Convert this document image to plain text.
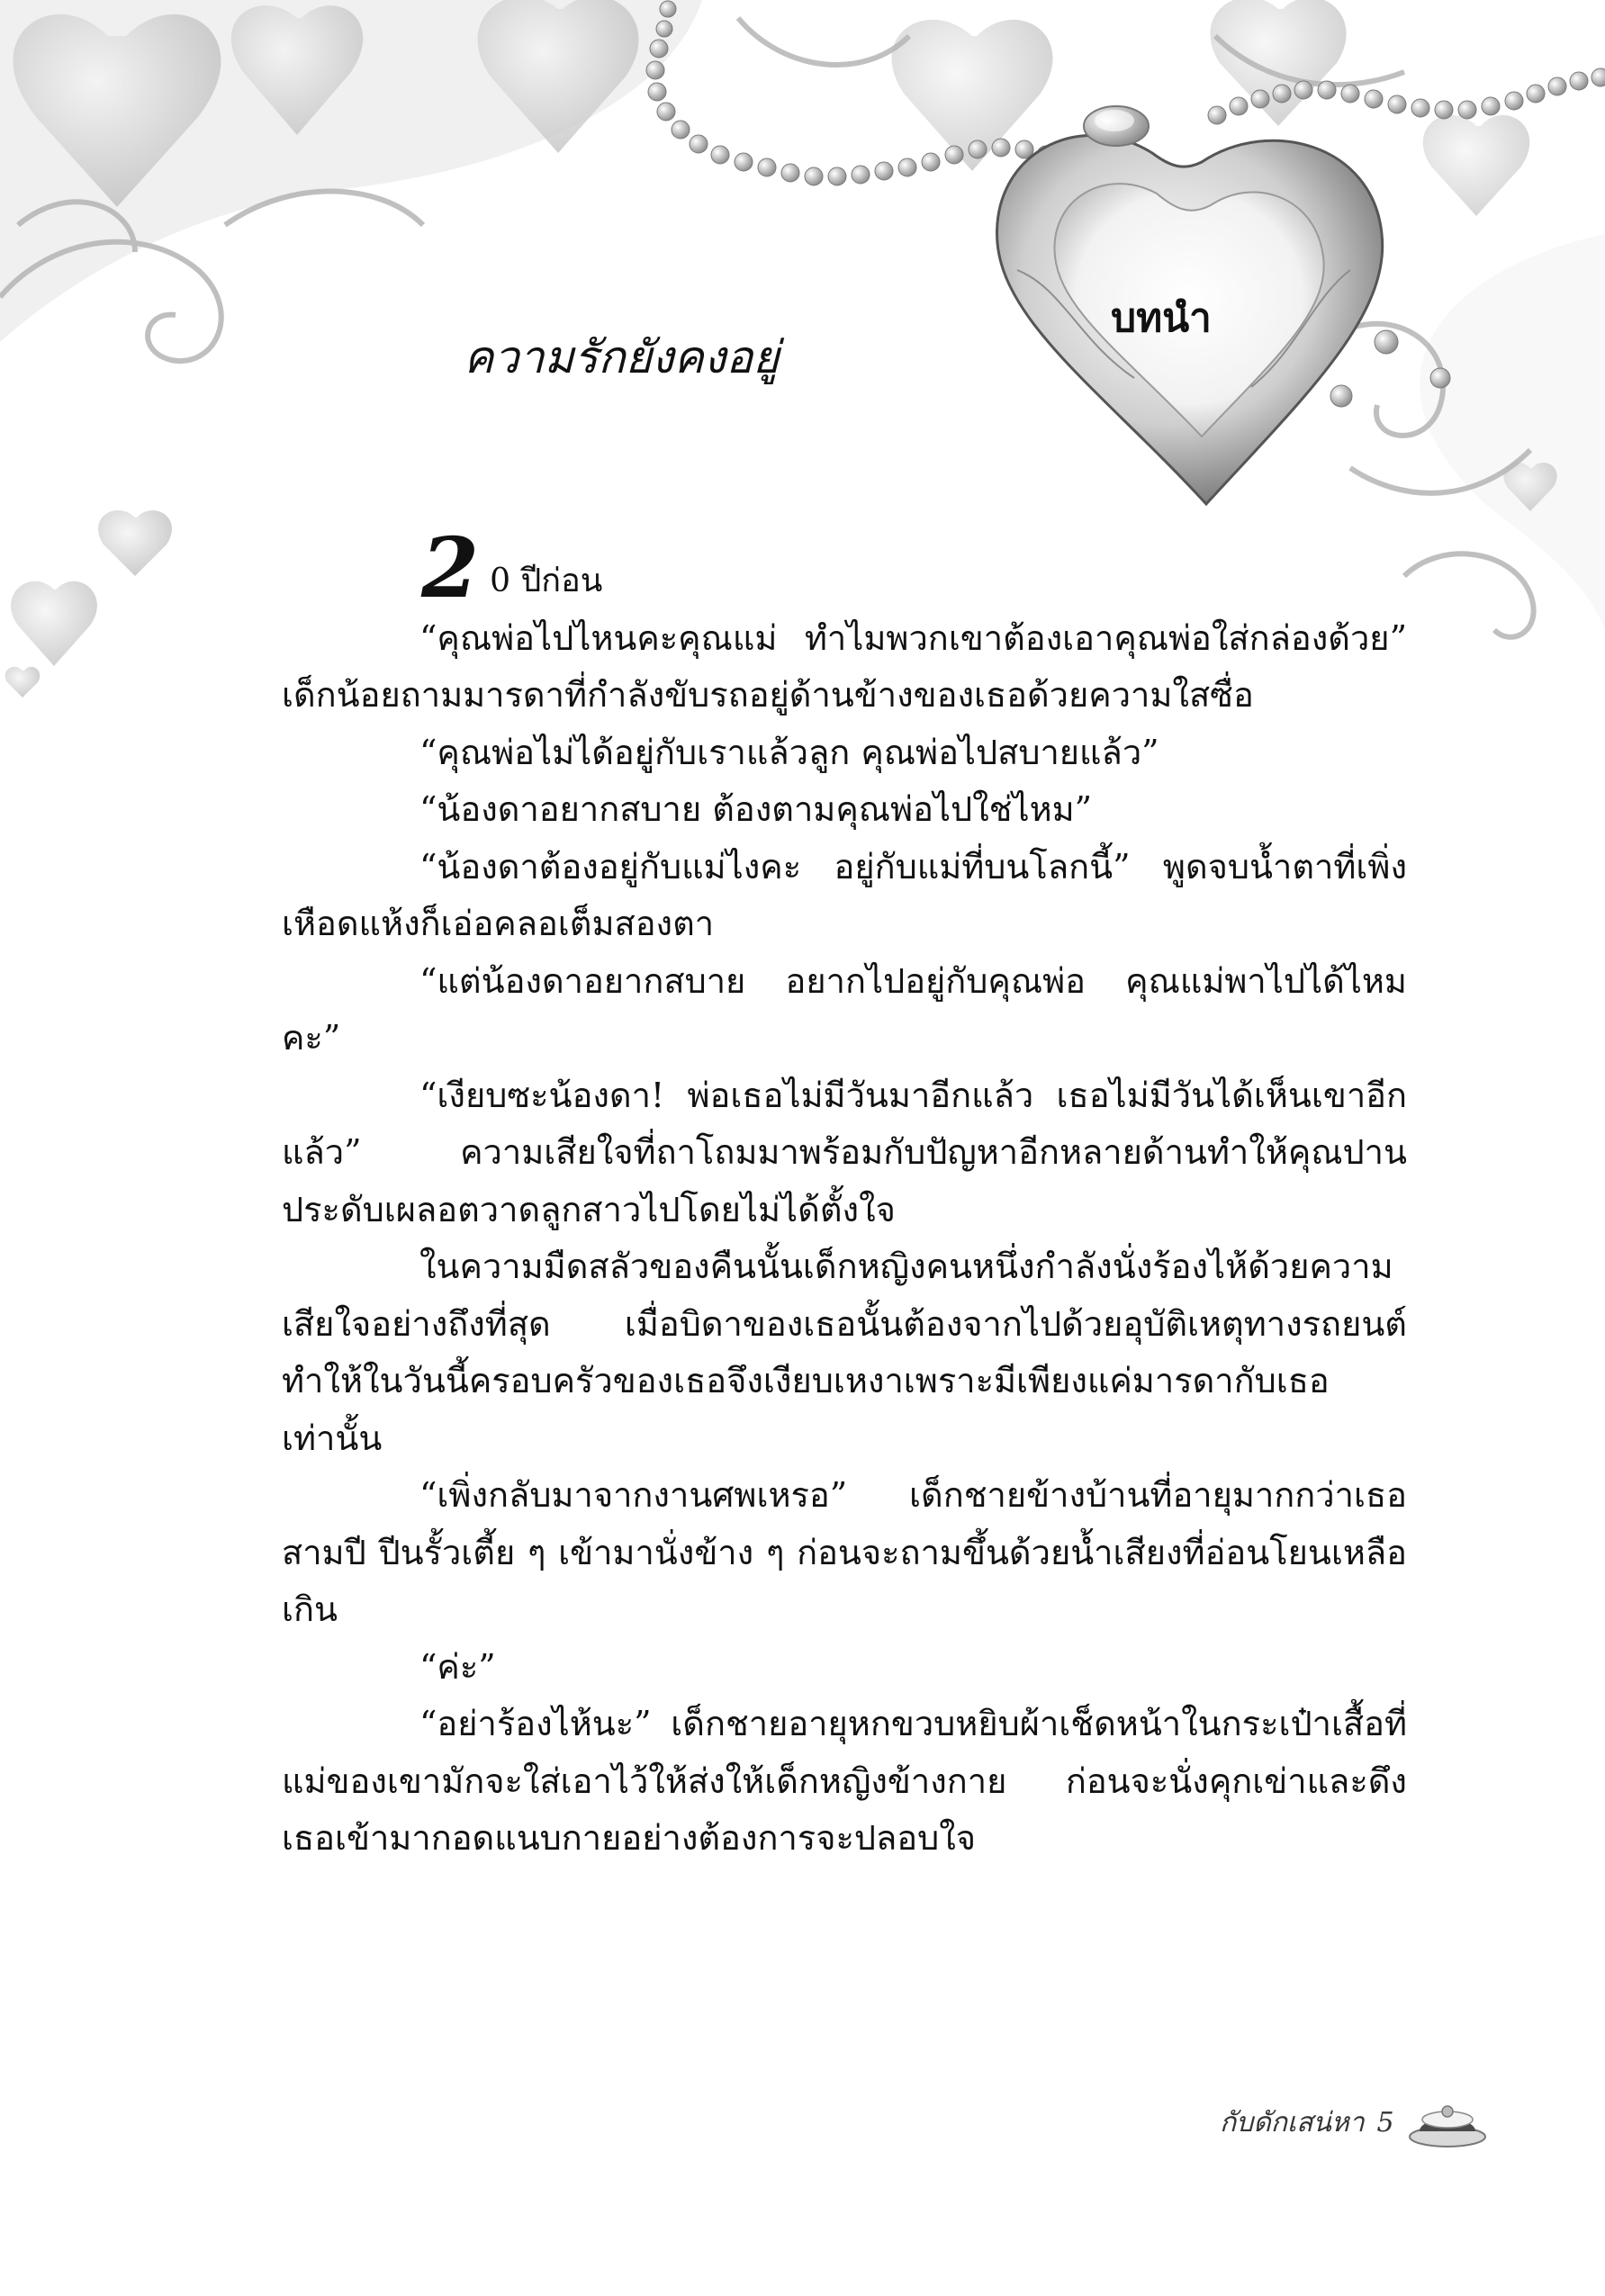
บทนำ
ความรักยังคงอยู่

2 0 ปีก่อน

“คุณพ่อไปไหนคะคุณแม่ ทำไมพวกเขาต้องเอาคุณพ่อใส่กล่องด้วย” เด็กน้อยถามมารดาที่กำลังขับรถอยู่ด้านข้างของเธอด้วยความใสซื่อ

“คุณพ่อไม่ได้อยู่กับเราแล้วลูก คุณพ่อไปสบายแล้ว”

“น้องดาอยากสบาย ต้องตามคุณพ่อไปใช่ไหม”

“น้องดาต้องอยู่กับแม่ไงคะ อยู่กับแม่ที่บนโลกนี้” พูดจบน้ำตาที่เพิ่งเหือดแห้งก็เอ่อคลอเต็มสองตา

“แต่น้องดาอยากสบาย อยากไปอยู่กับคุณพ่อ คุณแม่พาไปได้ไหมคะ”

“เงียบซะน้องดา! พ่อเธอไม่มีวันมาอีกแล้ว เธอไม่มีวันได้เห็นเขาอีกแล้ว” ความเสียใจที่ถาโถมมาพร้อมกับปัญหาอีกหลายด้านทำให้คุณปานประดับเผลอตวาดลูกสาวไปโดยไม่ได้ตั้งใจ

ในความมืดสลัวของคืนนั้นเด็กหญิงคนหนึ่งกำลังนั่งร้องไห้ด้วยความเสียใจอย่างถึงที่สุด เมื่อบิดาของเธอนั้นต้องจากไปด้วยอุบัติเหตุทางรถยนต์ ทำให้ในวันนี้ครอบครัวของเธอจึงเงียบเหงาเพราะมีเพียงแค่มารดากับเธอเท่านั้น

“เพิ่งกลับมาจากงานศพเหรอ” เด็กชายข้างบ้านที่อายุมากกว่าเธอสามปี ปีนรั้วเตี้ย ๆ เข้ามานั่งข้าง ๆ ก่อนจะถามขึ้นด้วยน้ำเสียงที่อ่อนโยนเหลือเกิน

“ค่ะ”

“อย่าร้องไห้นะ” เด็กชายอายุหกขวบหยิบผ้าเช็ดหน้าในกระเป๋าเสื้อที่แม่ของเขามักจะใส่เอาไว้ให้ส่งให้เด็กหญิงข้างกาย ก่อนจะนั่งคุกเข่าและดึงเธอเข้ามากอดแนบกายอย่างต้องการจะปลอบใจ

กับดักเสน่หา 5
